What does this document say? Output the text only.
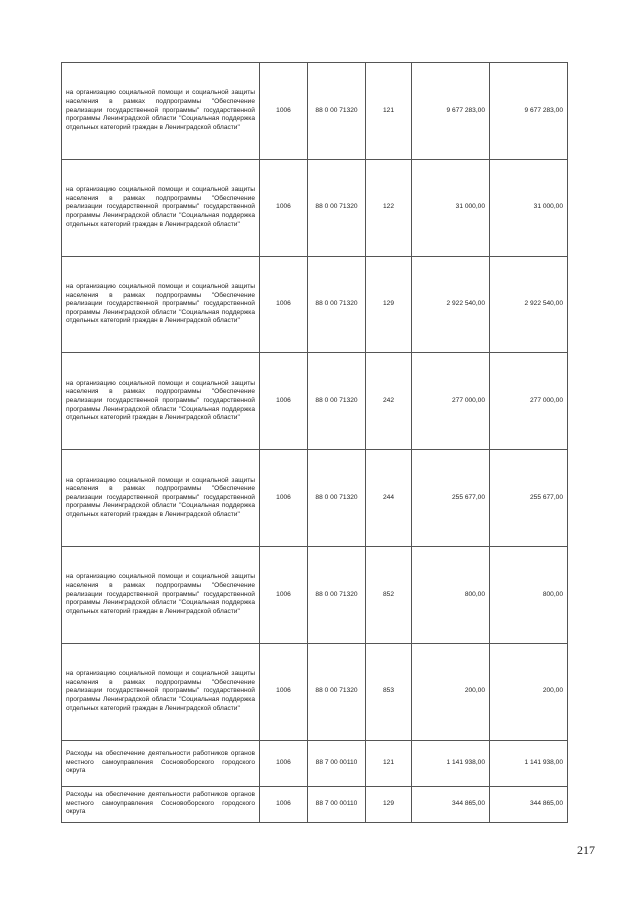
на организацию социальной помощи и социальной защиты населения в рамках подпрограммы "Обеспечение реализации государственной программы" государственной программы Ленинградской области "Социальная поддержка отдельных категорий граждан в Ленинградской области"	1006	88 0 00 71320	121	9 677 283,00	9 677 283,00
на организацию социальной помощи и социальной защиты населения в рамках подпрограммы "Обеспечение реализации государственной программы" государственной программы Ленинградской области "Социальная поддержка отдельных категорий граждан в Ленинградской области"	1006	88 0 00 71320	122	31 000,00	31 000,00
на организацию социальной помощи и социальной защиты населения в рамках подпрограммы "Обеспечение реализации государственной программы" государственной программы Ленинградской области "Социальная поддержка отдельных категорий граждан в Ленинградской области"	1006	88 0 00 71320	129	2 922 540,00	2 922 540,00
на организацию социальной помощи и социальной защиты населения в рамках подпрограммы "Обеспечение реализации государственной программы" государственной программы Ленинградской области "Социальная поддержка отдельных категорий граждан в Ленинградской области"	1006	88 0 00 71320	242	277 000,00	277 000,00
на организацию социальной помощи и социальной защиты населения в рамках подпрограммы "Обеспечение реализации государственной программы" государственной программы Ленинградской области "Социальная поддержка отдельных категорий граждан в Ленинградской области"	1006	88 0 00 71320	244	255 677,00	255 677,00
на организацию социальной помощи и социальной защиты населения в рамках подпрограммы "Обеспечение реализации государственной программы" государственной программы Ленинградской области "Социальная поддержка отдельных категорий граждан в Ленинградской области"	1006	88 0 00 71320	852	800,00	800,00
на организацию социальной помощи и социальной защиты населения в рамках подпрограммы "Обеспечение реализации государственной программы" государственной программы Ленинградской области "Социальная поддержка отдельных категорий граждан в Ленинградской области"	1006	88 0 00 71320	853	200,00	200,00
Расходы на обеспечение деятельности работников органов местного самоуправления Сосновоборского городского округа	1006	88 7 00 00110	121	1 141 938,00	1 141 938,00
Расходы на обеспечение деятельности работников органов местного самоуправления Сосновоборского городского округа	1006	88 7 00 00110	129	344 865,00	344 865,00
217
